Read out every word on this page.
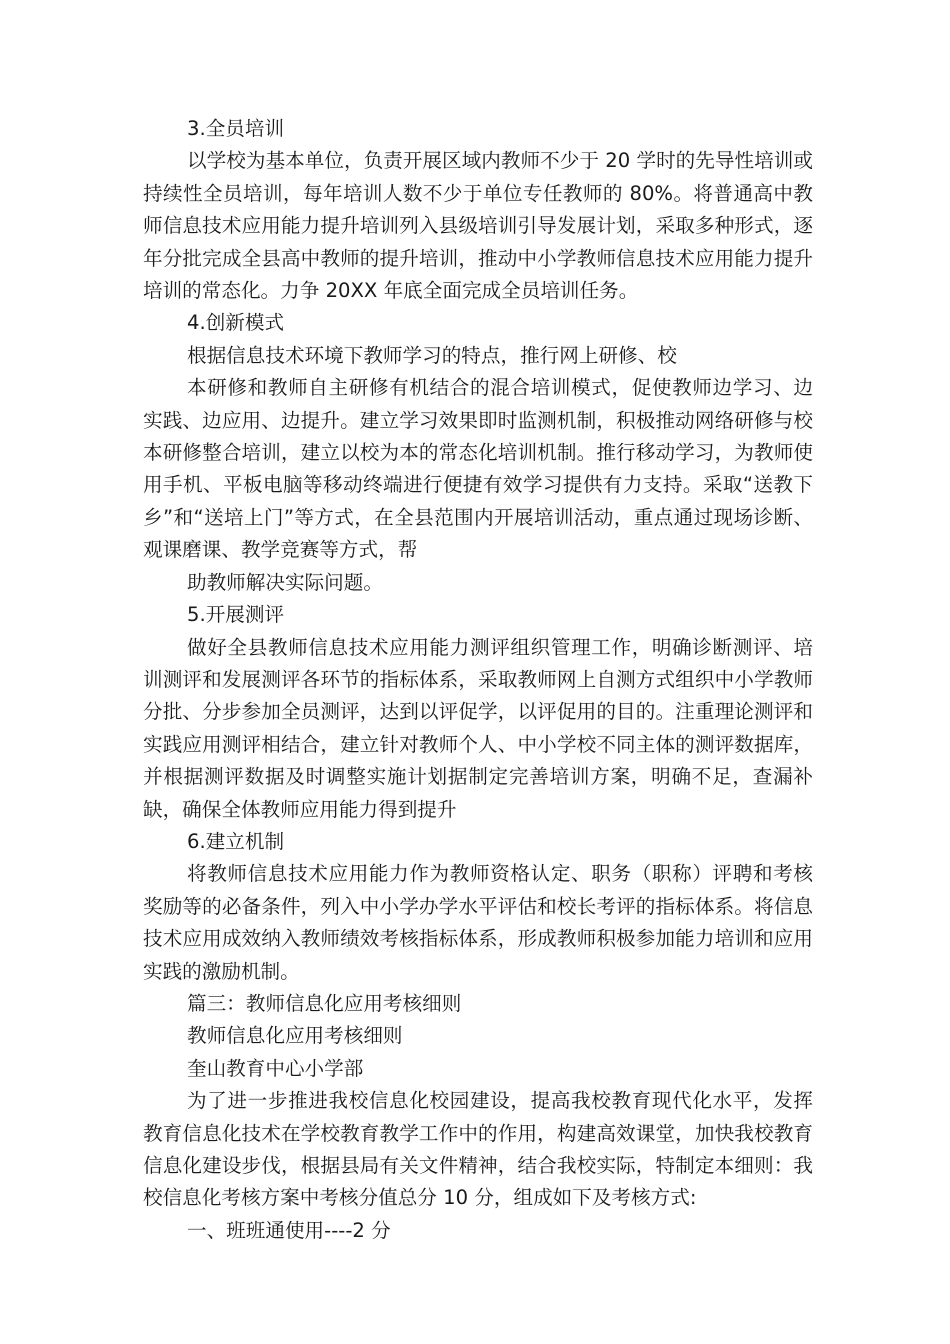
3.全员培训

以学校为基本单位，负责开展区域内教师不少于 20 学时的先导性培训或持续性全员培训，每年培训人数不少于单位专任教师的 80%。将普通高中教师信息技术应用能力提升培训列入县级培训引导发展计划，采取多种形式，逐年分批完成全县高中教师的提升培训，推动中小学教师信息技术应用能力提升培训的常态化。力争 20XX 年底全面完成全员培训任务。

4.创新模式

根据信息技术环境下教师学习的特点，推行网上研修、校

本研修和教师自主研修有机结合的混合培训模式，促使教师边学习、边实践、边应用、边提升。建立学习效果即时监测机制，积极推动网络研修与校本研修整合培训，建立以校为本的常态化培训机制。推行移动学习，为教师使用手机、平板电脑等移动终端进行便捷有效学习提供有力支持。采取“送教下乡”和“送培上门”等方式，在全县范围内开展培训活动，重点通过现场诊断、观课磨课、教学竞赛等方式，帮

助教师解决实际问题。

5.开展测评

做好全县教师信息技术应用能力测评组织管理工作，明确诊断测评、培训测评和发展测评各环节的指标体系，采取教师网上自测方式组织中小学教师分批、分步参加全员测评，达到以评促学，以评促用的目的。注重理论测评和实践应用测评相结合，建立针对教师个人、中小学校不同主体的测评数据库，并根据测评数据及时调整实施计划据制定完善培训方案，明确不足，查漏补缺，确保全体教师应用能力得到提升

6.建立机制

将教师信息技术应用能力作为教师资格认定、职务（职称）评聘和考核奖励等的必备条件，列入中小学办学水平评估和校长考评的指标体系。将信息技术应用成效纳入教师绩效考核指标体系，形成教师积极参加能力培训和应用实践的激励机制。

篇三：教师信息化应用考核细则

教师信息化应用考核细则

奎山教育中心小学部

为了进一步推进我校信息化校园建设，提高我校教育现代化水平，发挥教育信息化技术在学校教育教学工作中的作用，构建高效课堂，加快我校教育信息化建设步伐，根据县局有关文件精神，结合我校实际，特制定本细则：我校信息化考核方案中考核分值总分 10 分，组成如下及考核方式:

一、班班通使用----2 分
